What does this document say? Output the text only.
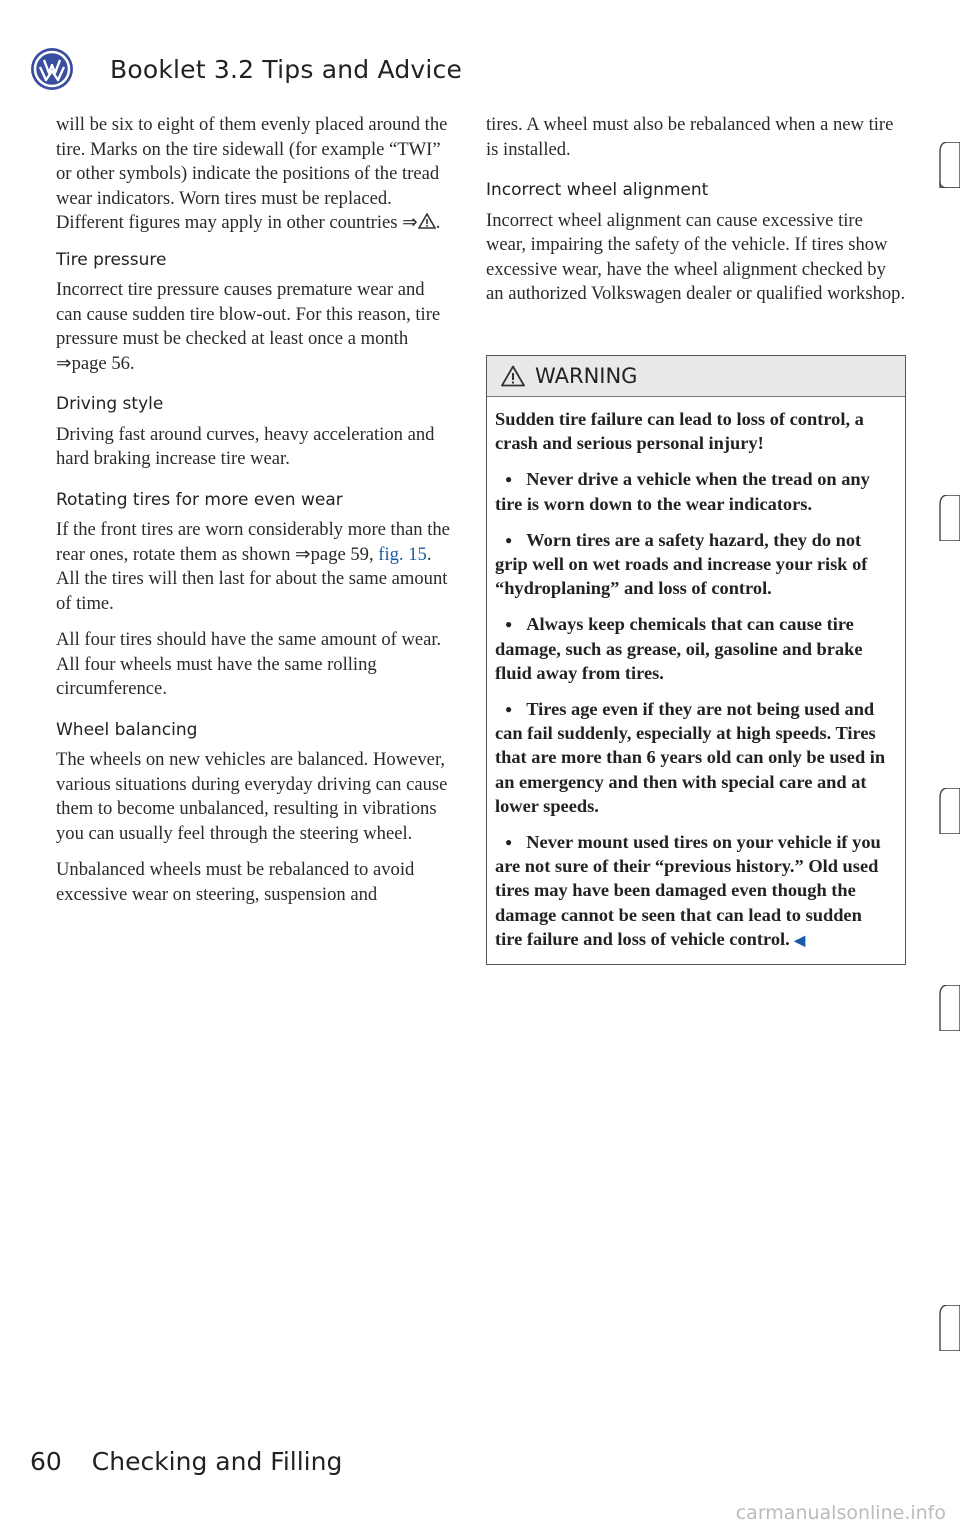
VW Booklet 3.2 Tips and Advice

will be six to eight of them evenly placed around the tire. Marks on the tire sidewall (for example “TWI” or other symbols) indicate the positions of the tread wear indicators. Worn tires must be replaced. Different figures may apply in other countries ⇒ .

Tire pressure

Incorrect tire pressure causes premature wear and can cause sudden tire blow-out. For this reason, tire pressure must be checked at least once a month ⇒page 56.

Driving style

Driving fast around curves, heavy acceleration and hard braking increase tire wear.

Rotating tires for more even wear

If the front tires are worn considerably more than the rear ones, rotate them as shown ⇒page 59, fig. 15. All the tires will then last for about the same amount of time.

All four tires should have the same amount of wear. All four wheels must have the same rolling circumference.

Wheel balancing

The wheels on new vehicles are balanced. However, various situations during everyday driving can cause them to become unbalanced, resulting in vibrations you can usually feel through the steering wheel.

Unbalanced wheels must be rebalanced to avoid excessive wear on steering, suspension and

tires. A wheel must also be rebalanced when a new tire is installed.

Incorrect wheel alignment

Incorrect wheel alignment can cause excessive tire wear, impairing the safety of the vehicle. If tires show excessive wear, have the wheel alignment checked by an authorized Volkswagen dealer or qualified workshop.

WARNING

Sudden tire failure can lead to loss of control, a crash and serious personal injury!

● Never drive a vehicle when the tread on any tire is worn down to the wear indicators.

● Worn tires are a safety hazard, they do not grip well on wet roads and increase your risk of “hydroplaning” and loss of control.

● Always keep chemicals that can cause tire damage, such as grease, oil, gasoline and brake fluid away from tires.

● Tires age even if they are not being used and can fail suddenly, especially at high speeds. Tires that are more than 6 years old can only be used in an emergency and then with special care and at lower speeds.

● Never mount used tires on your vehicle if you are not sure of their “previous history.” Old used tires may have been damaged even though the damage cannot be seen that can lead to sudden tire failure and loss of vehicle control. ◀

60 Checking and Filling
carmanualsonline.info
